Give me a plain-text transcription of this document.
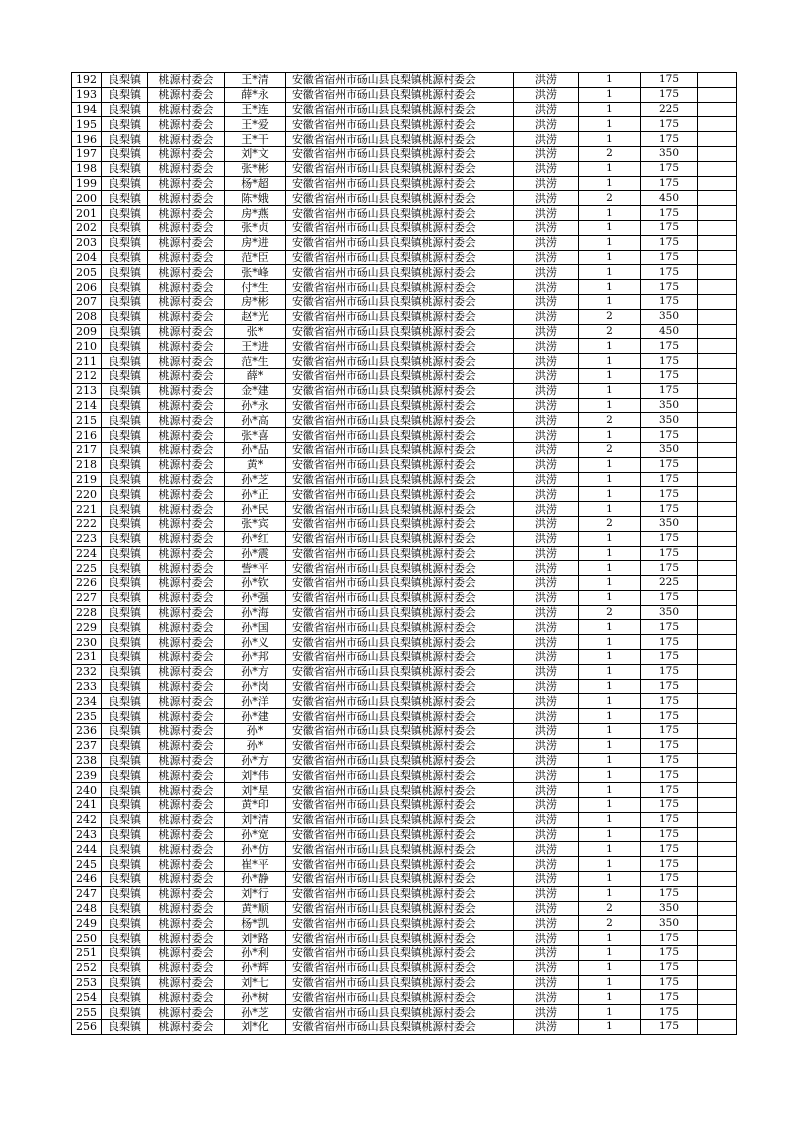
192	良梨镇	桃源村委会	王*清	安徽省宿州市砀山县良梨镇桃源村委会	洪涝	1	175	
193	良梨镇	桃源村委会	薛*永	安徽省宿州市砀山县良梨镇桃源村委会	洪涝	1	175	
194	良梨镇	桃源村委会	王*连	安徽省宿州市砀山县良梨镇桃源村委会	洪涝	1	225	
195	良梨镇	桃源村委会	王*爱	安徽省宿州市砀山县良梨镇桃源村委会	洪涝	1	175	
196	良梨镇	桃源村委会	王*干	安徽省宿州市砀山县良梨镇桃源村委会	洪涝	1	175	
197	良梨镇	桃源村委会	刘*文	安徽省宿州市砀山县良梨镇桃源村委会	洪涝	2	350	
198	良梨镇	桃源村委会	张*彬	安徽省宿州市砀山县良梨镇桃源村委会	洪涝	1	175	
199	良梨镇	桃源村委会	杨*超	安徽省宿州市砀山县良梨镇桃源村委会	洪涝	1	175	
200	良梨镇	桃源村委会	陈*娥	安徽省宿州市砀山县良梨镇桃源村委会	洪涝	2	450	
201	良梨镇	桃源村委会	房*燕	安徽省宿州市砀山县良梨镇桃源村委会	洪涝	1	175	
202	良梨镇	桃源村委会	张*贞	安徽省宿州市砀山县良梨镇桃源村委会	洪涝	1	175	
203	良梨镇	桃源村委会	房*进	安徽省宿州市砀山县良梨镇桃源村委会	洪涝	1	175	
204	良梨镇	桃源村委会	范*臣	安徽省宿州市砀山县良梨镇桃源村委会	洪涝	1	175	
205	良梨镇	桃源村委会	张*峰	安徽省宿州市砀山县良梨镇桃源村委会	洪涝	1	175	
206	良梨镇	桃源村委会	付*生	安徽省宿州市砀山县良梨镇桃源村委会	洪涝	1	175	
207	良梨镇	桃源村委会	房*彬	安徽省宿州市砀山县良梨镇桃源村委会	洪涝	1	175	
208	良梨镇	桃源村委会	赵*光	安徽省宿州市砀山县良梨镇桃源村委会	洪涝	2	350	
209	良梨镇	桃源村委会	张*	安徽省宿州市砀山县良梨镇桃源村委会	洪涝	2	450	
210	良梨镇	桃源村委会	王*进	安徽省宿州市砀山县良梨镇桃源村委会	洪涝	1	175	
211	良梨镇	桃源村委会	范*生	安徽省宿州市砀山县良梨镇桃源村委会	洪涝	1	175	
212	良梨镇	桃源村委会	薛*	安徽省宿州市砀山县良梨镇桃源村委会	洪涝	1	175	
213	良梨镇	桃源村委会	金*建	安徽省宿州市砀山县良梨镇桃源村委会	洪涝	1	175	
214	良梨镇	桃源村委会	孙*永	安徽省宿州市砀山县良梨镇桃源村委会	洪涝	1	350	
215	良梨镇	桃源村委会	孙*高	安徽省宿州市砀山县良梨镇桃源村委会	洪涝	2	350	
216	良梨镇	桃源村委会	张*喜	安徽省宿州市砀山县良梨镇桃源村委会	洪涝	1	175	
217	良梨镇	桃源村委会	孙*品	安徽省宿州市砀山县良梨镇桃源村委会	洪涝	2	350	
218	良梨镇	桃源村委会	黄*	安徽省宿州市砀山县良梨镇桃源村委会	洪涝	1	175	
219	良梨镇	桃源村委会	孙*芝	安徽省宿州市砀山县良梨镇桃源村委会	洪涝	1	175	
220	良梨镇	桃源村委会	孙*正	安徽省宿州市砀山县良梨镇桃源村委会	洪涝	1	175	
221	良梨镇	桃源村委会	孙*民	安徽省宿州市砀山县良梨镇桃源村委会	洪涝	1	175	
222	良梨镇	桃源村委会	张*宾	安徽省宿州市砀山县良梨镇桃源村委会	洪涝	2	350	
223	良梨镇	桃源村委会	孙*红	安徽省宿州市砀山县良梨镇桃源村委会	洪涝	1	175	
224	良梨镇	桃源村委会	孙*震	安徽省宿州市砀山县良梨镇桃源村委会	洪涝	1	175	
225	良梨镇	桃源村委会	訾*平	安徽省宿州市砀山县良梨镇桃源村委会	洪涝	1	175	
226	良梨镇	桃源村委会	孙*钦	安徽省宿州市砀山县良梨镇桃源村委会	洪涝	1	225	
227	良梨镇	桃源村委会	孙*强	安徽省宿州市砀山县良梨镇桃源村委会	洪涝	1	175	
228	良梨镇	桃源村委会	孙*海	安徽省宿州市砀山县良梨镇桃源村委会	洪涝	2	350	
229	良梨镇	桃源村委会	孙*国	安徽省宿州市砀山县良梨镇桃源村委会	洪涝	1	175	
230	良梨镇	桃源村委会	孙*义	安徽省宿州市砀山县良梨镇桃源村委会	洪涝	1	175	
231	良梨镇	桃源村委会	孙*邦	安徽省宿州市砀山县良梨镇桃源村委会	洪涝	1	175	
232	良梨镇	桃源村委会	孙*方	安徽省宿州市砀山县良梨镇桃源村委会	洪涝	1	175	
233	良梨镇	桃源村委会	孙*岗	安徽省宿州市砀山县良梨镇桃源村委会	洪涝	1	175	
234	良梨镇	桃源村委会	孙*洋	安徽省宿州市砀山县良梨镇桃源村委会	洪涝	1	175	
235	良梨镇	桃源村委会	孙*建	安徽省宿州市砀山县良梨镇桃源村委会	洪涝	1	175	
236	良梨镇	桃源村委会	孙*	安徽省宿州市砀山县良梨镇桃源村委会	洪涝	1	175	
237	良梨镇	桃源村委会	孙*	安徽省宿州市砀山县良梨镇桃源村委会	洪涝	1	175	
238	良梨镇	桃源村委会	孙*方	安徽省宿州市砀山县良梨镇桃源村委会	洪涝	1	175	
239	良梨镇	桃源村委会	刘*伟	安徽省宿州市砀山县良梨镇桃源村委会	洪涝	1	175	
240	良梨镇	桃源村委会	刘*星	安徽省宿州市砀山县良梨镇桃源村委会	洪涝	1	175	
241	良梨镇	桃源村委会	黄*印	安徽省宿州市砀山县良梨镇桃源村委会	洪涝	1	175	
242	良梨镇	桃源村委会	刘*清	安徽省宿州市砀山县良梨镇桃源村委会	洪涝	1	175	
243	良梨镇	桃源村委会	孙*宽	安徽省宿州市砀山县良梨镇桃源村委会	洪涝	1	175	
244	良梨镇	桃源村委会	孙*仿	安徽省宿州市砀山县良梨镇桃源村委会	洪涝	1	175	
245	良梨镇	桃源村委会	崔*平	安徽省宿州市砀山县良梨镇桃源村委会	洪涝	1	175	
246	良梨镇	桃源村委会	孙*静	安徽省宿州市砀山县良梨镇桃源村委会	洪涝	1	175	
247	良梨镇	桃源村委会	刘*行	安徽省宿州市砀山县良梨镇桃源村委会	洪涝	1	175	
248	良梨镇	桃源村委会	黄*顺	安徽省宿州市砀山县良梨镇桃源村委会	洪涝	2	350	
249	良梨镇	桃源村委会	杨*凯	安徽省宿州市砀山县良梨镇桃源村委会	洪涝	2	350	
250	良梨镇	桃源村委会	刘*路	安徽省宿州市砀山县良梨镇桃源村委会	洪涝	1	175	
251	良梨镇	桃源村委会	孙*利	安徽省宿州市砀山县良梨镇桃源村委会	洪涝	1	175	
252	良梨镇	桃源村委会	孙*辉	安徽省宿州市砀山县良梨镇桃源村委会	洪涝	1	175	
253	良梨镇	桃源村委会	刘*七	安徽省宿州市砀山县良梨镇桃源村委会	洪涝	1	175	
254	良梨镇	桃源村委会	孙*树	安徽省宿州市砀山县良梨镇桃源村委会	洪涝	1	175	
255	良梨镇	桃源村委会	孙*芝	安徽省宿州市砀山县良梨镇桃源村委会	洪涝	1	175	
256	良梨镇	桃源村委会	刘*化	安徽省宿州市砀山县良梨镇桃源村委会	洪涝	1	175	
